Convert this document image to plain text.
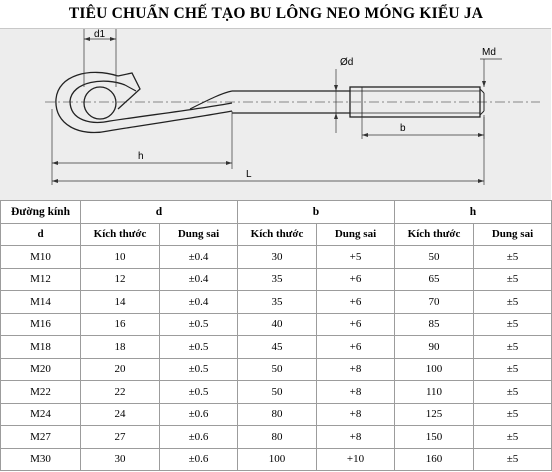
TIÊU CHUẨN CHẾ TẠO BU LÔNG NEO MÓNG KIỂU JA
d1
Ød
Md
b
h
L
Đường kính	d		b		h	
d	Kích thước	Dung sai	Kích thước	Dung sai	Kích thước	Dung sai
M10	10	±0.4	30	+5	50	±5
M12	12	±0.4	35	+6	65	±5
M14	14	±0.4	35	+6	70	±5
M16	16	±0.5	40	+6	85	±5
M18	18	±0.5	45	+6	90	±5
M20	20	±0.5	50	+8	100	±5
M22	22	±0.5	50	+8	110	±5
M24	24	±0.6	80	+8	125	±5
M27	27	±0.6	80	+8	150	±5
M30	30	±0.6	100	+10	160	±5
